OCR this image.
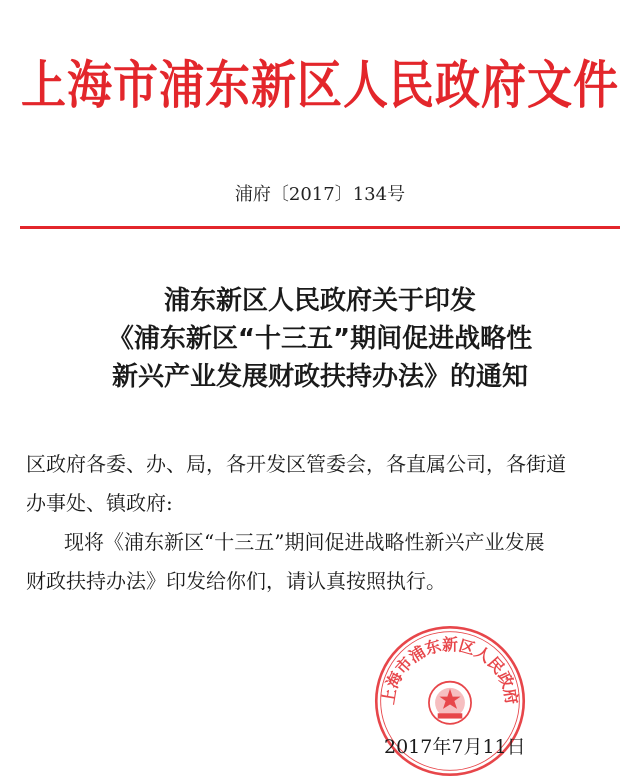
上海市浦东新区人民政府文件
浦府〔2017〕134号
浦东新区人民政府关于印发
《浦东新区“十三五”期间促进战略性
新兴产业发展财政扶持办法》的通知

区政府各委、办、局，各开发区管委会，各直属公司，各街道

办事处、镇政府:

现将《浦东新区“十三五”期间促进战略性新兴产业发展

财政扶持办法》印发给你们，请认真按照执行。

上海市浦东新区人民政府
2017年7月11日
